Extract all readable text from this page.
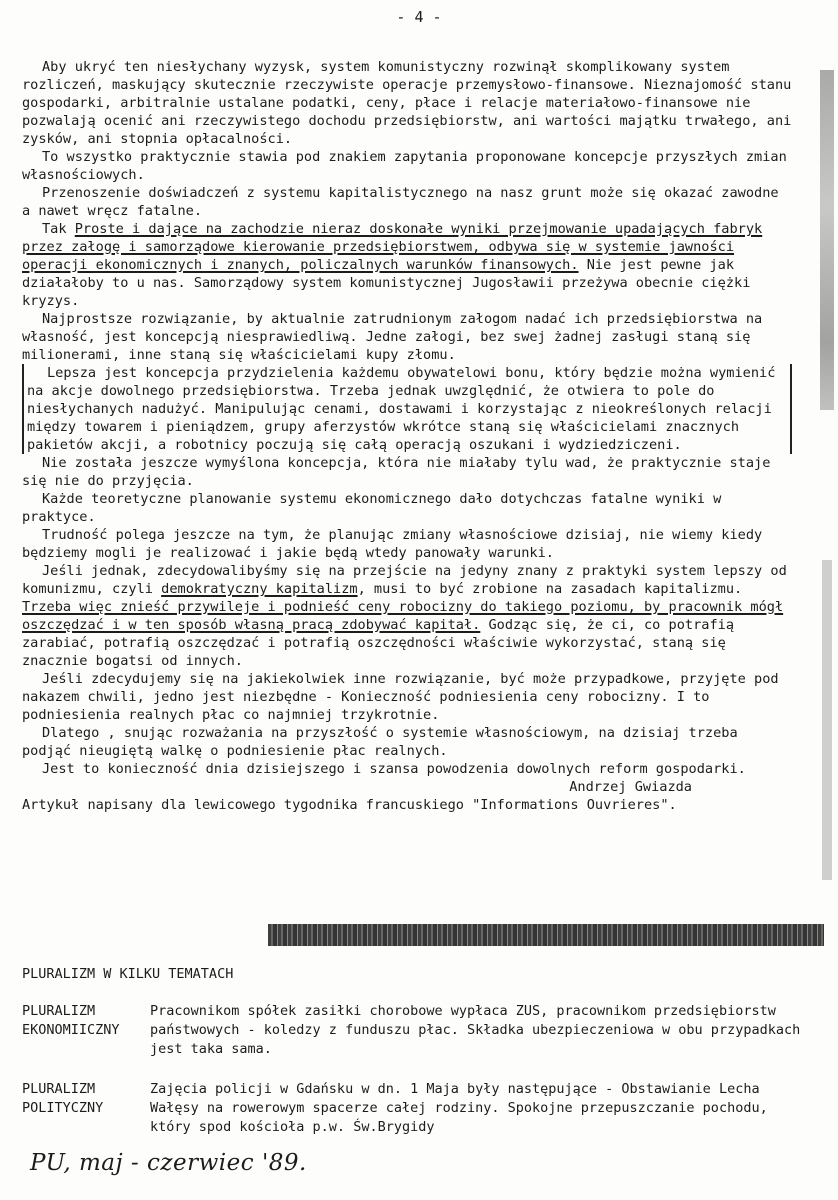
- 4 -

Aby ukryć ten niesłychany wyzysk, system komunistyczny rozwinął skomplikowany system rozliczeń, maskujący skutecznie rzeczywiste operacje przemysłowo-finansowe. Nieznajomość stanu gospodarki, arbitralnie ustalane podatki, ceny, płace i relacje materiałowo-finansowe nie pozwalają ocenić ani rzeczywistego dochodu przedsiębiorstw, ani wartości majątku trwałego, ani zysków, ani stopnia opłacalności.

To wszystko praktycznie stawia pod znakiem zapytania proponowane koncepcje przyszłych zmian własnościowych.

Przenoszenie doświadczeń z systemu kapitalistycznego na nasz grunt może się okazać zawodne a nawet wręcz fatalne.

Tak Proste i dające na zachodzie nieraz doskonałe wyniki przejmowanie upadających fabryk przez załogę i samorządowe kierowanie przedsiębiorstwem, odbywa się w systemie jawności operacji ekonomicznych i znanych, policzalnych warunków finansowych. Nie jest pewne jak działałoby to u nas. Samorządowy system komunistycznej Jugosławii przeżywa obecnie ciężki kryzys.

Najprostsze rozwiązanie, by aktualnie zatrudnionym załogom nadać ich przedsiębiorstwa na własność, jest koncepcją niesprawiedliwą. Jedne załogi, bez swej żadnej zasługi staną się milionerami, inne staną się właścicielami kupy złomu.

Lepsza jest koncepcja przydzielenia każdemu obywatelowi bonu, który będzie można wymienić na akcje dowolnego przedsiębiorstwa. Trzeba jednak uwzględnić, że otwiera to pole do niesłychanych nadużyć. Manipulując cenami, dostawami i korzystając z nieokreślonych relacji między towarem i pieniądzem, grupy aferzystów wkrótce staną się właścicielami znacznych pakietów akcji, a robotnicy poczują się całą operacją oszukani i wydziedziczeni.

Nie została jeszcze wymyślona koncepcja, która nie miałaby tylu wad, że praktycznie staje się nie do przyjęcia.

Każde teoretyczne planowanie systemu ekonomicznego dało dotychczas fatalne wyniki w praktyce.

Trudność polega jeszcze na tym, że planując zmiany własnościowe dzisiaj, nie wiemy kiedy będziemy mogli je realizować i jakie będą wtedy panowały warunki.

Jeśli jednak, zdecydowalibyśmy się na przejście na jedyny znany z praktyki system lepszy od komunizmu, czyli demokratyczny kapitalizm, musi to być zrobione na zasadach kapitalizmu. Trzeba więc znieść przywileje i podnieść ceny robocizny do takiego poziomu, by pracownik mógł oszczędzać i w ten sposób własną pracą zdobywać kapitał. Godząc się, że ci, co potrafią zarabiać, potrafią oszczędzać i potrafią oszczędności właściwie wykorzystać, staną się znacznie bogatsi od innych.

Jeśli zdecydujemy się na jakiekolwiek inne rozwiązanie, być może przypadkowe, przyjęte pod nakazem chwili, jedno jest niezbędne - Konieczność podniesienia ceny robocizny. I to podniesienia realnych płac co najmniej trzykrotnie.

Dlatego , snując rozważania na przyszłość o systemie własnościowym, na dzisiaj trzeba podjąć nieugiętą walkę o podniesienie płac realnych.

Jest to konieczność dnia dzisiejszego i szansa powodzenia dowolnych reform gospodarki.

Andrzej Gwiazda

Artykuł napisany dla lewicowego tygodnika francuskiego "Informations Ouvrieres".

PLURALIZM W KILKU TEMATACH
PLURALIZM EKONOMIICZNY
Pracownikom spółek zasiłki chorobowe wypłaca ZUS, pracownikom przedsiębiorstw państwowych - koledzy z funduszu płac. Składka ubezpieczeniowa w obu przypadkach jest taka sama.
PLURALIZM POLITYCZNY
Zajęcia policji w Gdańsku w dn. 1 Maja były następujące - Obstawianie Lecha Wałęsy na rowerowym spacerze całej rodziny. Spokojne przepuszczanie pochodu, który spod kościoła p.w. Św.Brygidy
PU, maj - czerwiec '89.
